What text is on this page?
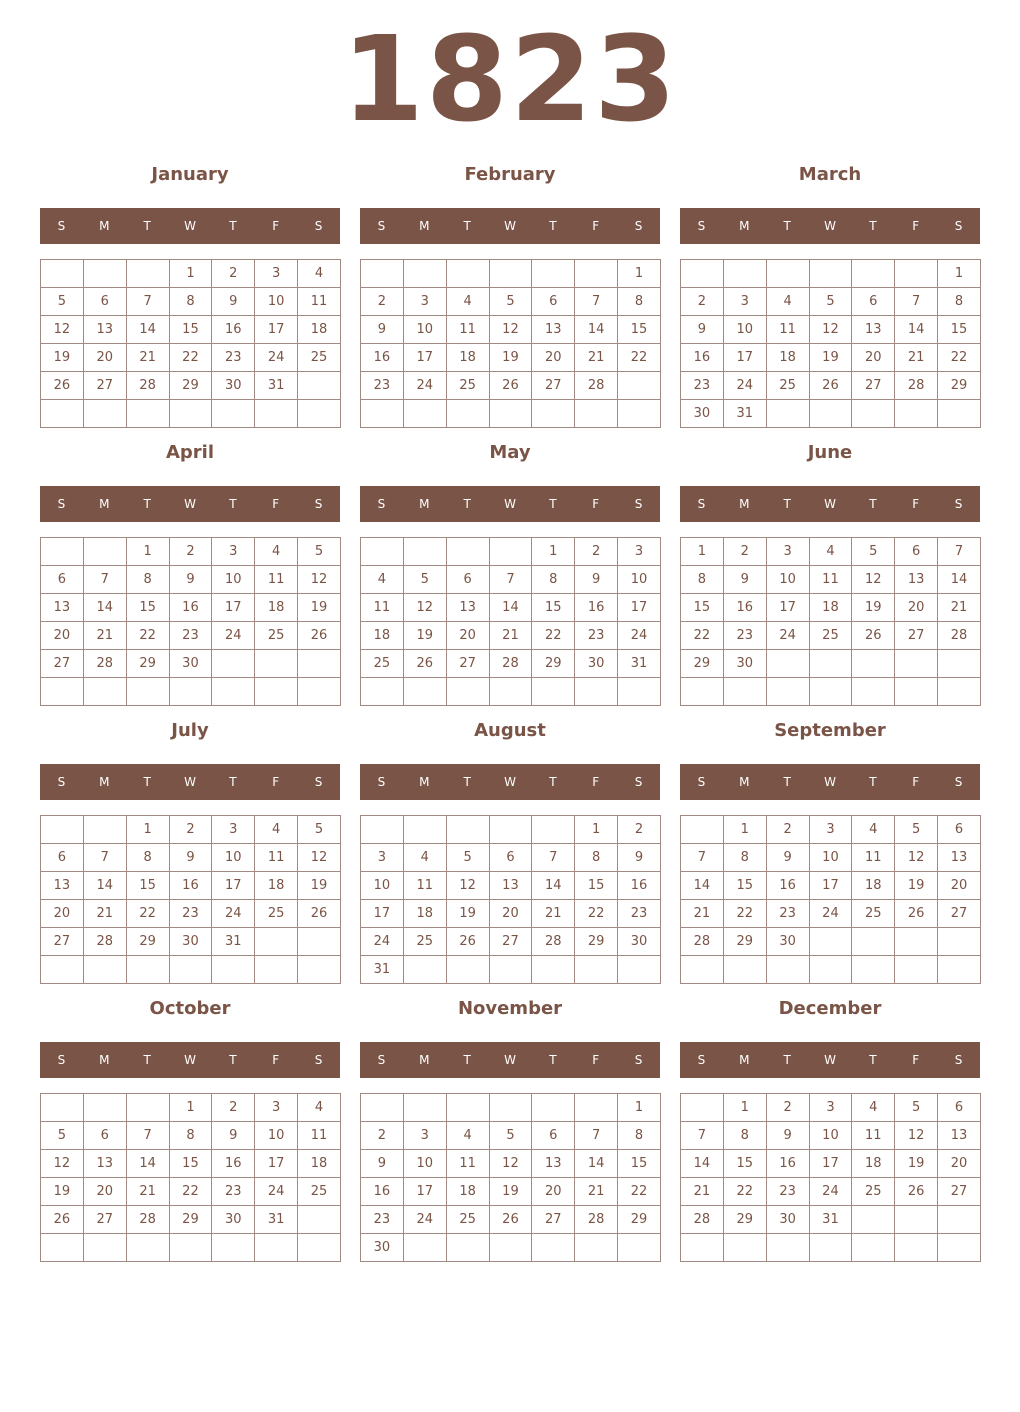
1823
January
S	M	T	W	T	F	S
			1	2	3	4
5	6	7	8	9	10	11
12	13	14	15	16	17	18
19	20	21	22	23	24	25
26	27	28	29	30	31	

February
S	M	T	W	T	F	S
						1
2	3	4	5	6	7	8
9	10	11	12	13	14	15
16	17	18	19	20	21	22
23	24	25	26	27	28	

March
S	M	T	W	T	F	S
						1
2	3	4	5	6	7	8
9	10	11	12	13	14	15
16	17	18	19	20	21	22
23	24	25	26	27	28	29
30	31					
April
S	M	T	W	T	F	S
		1	2	3	4	5
6	7	8	9	10	11	12
13	14	15	16	17	18	19
20	21	22	23	24	25	26
27	28	29	30			

May
S	M	T	W	T	F	S
				1	2	3
4	5	6	7	8	9	10
11	12	13	14	15	16	17
18	19	20	21	22	23	24
25	26	27	28	29	30	31

June
S	M	T	W	T	F	S
1	2	3	4	5	6	7
8	9	10	11	12	13	14
15	16	17	18	19	20	21
22	23	24	25	26	27	28
29	30					

July
S	M	T	W	T	F	S
		1	2	3	4	5
6	7	8	9	10	11	12
13	14	15	16	17	18	19
20	21	22	23	24	25	26
27	28	29	30	31		

August
S	M	T	W	T	F	S
					1	2
3	4	5	6	7	8	9
10	11	12	13	14	15	16
17	18	19	20	21	22	23
24	25	26	27	28	29	30
31						
September
S	M	T	W	T	F	S
	1	2	3	4	5	6
7	8	9	10	11	12	13
14	15	16	17	18	19	20
21	22	23	24	25	26	27
28	29	30				

October
S	M	T	W	T	F	S
			1	2	3	4
5	6	7	8	9	10	11
12	13	14	15	16	17	18
19	20	21	22	23	24	25
26	27	28	29	30	31	

November
S	M	T	W	T	F	S
						1
2	3	4	5	6	7	8
9	10	11	12	13	14	15
16	17	18	19	20	21	22
23	24	25	26	27	28	29
30						
December
S	M	T	W	T	F	S
	1	2	3	4	5	6
7	8	9	10	11	12	13
14	15	16	17	18	19	20
21	22	23	24	25	26	27
28	29	30	31			
